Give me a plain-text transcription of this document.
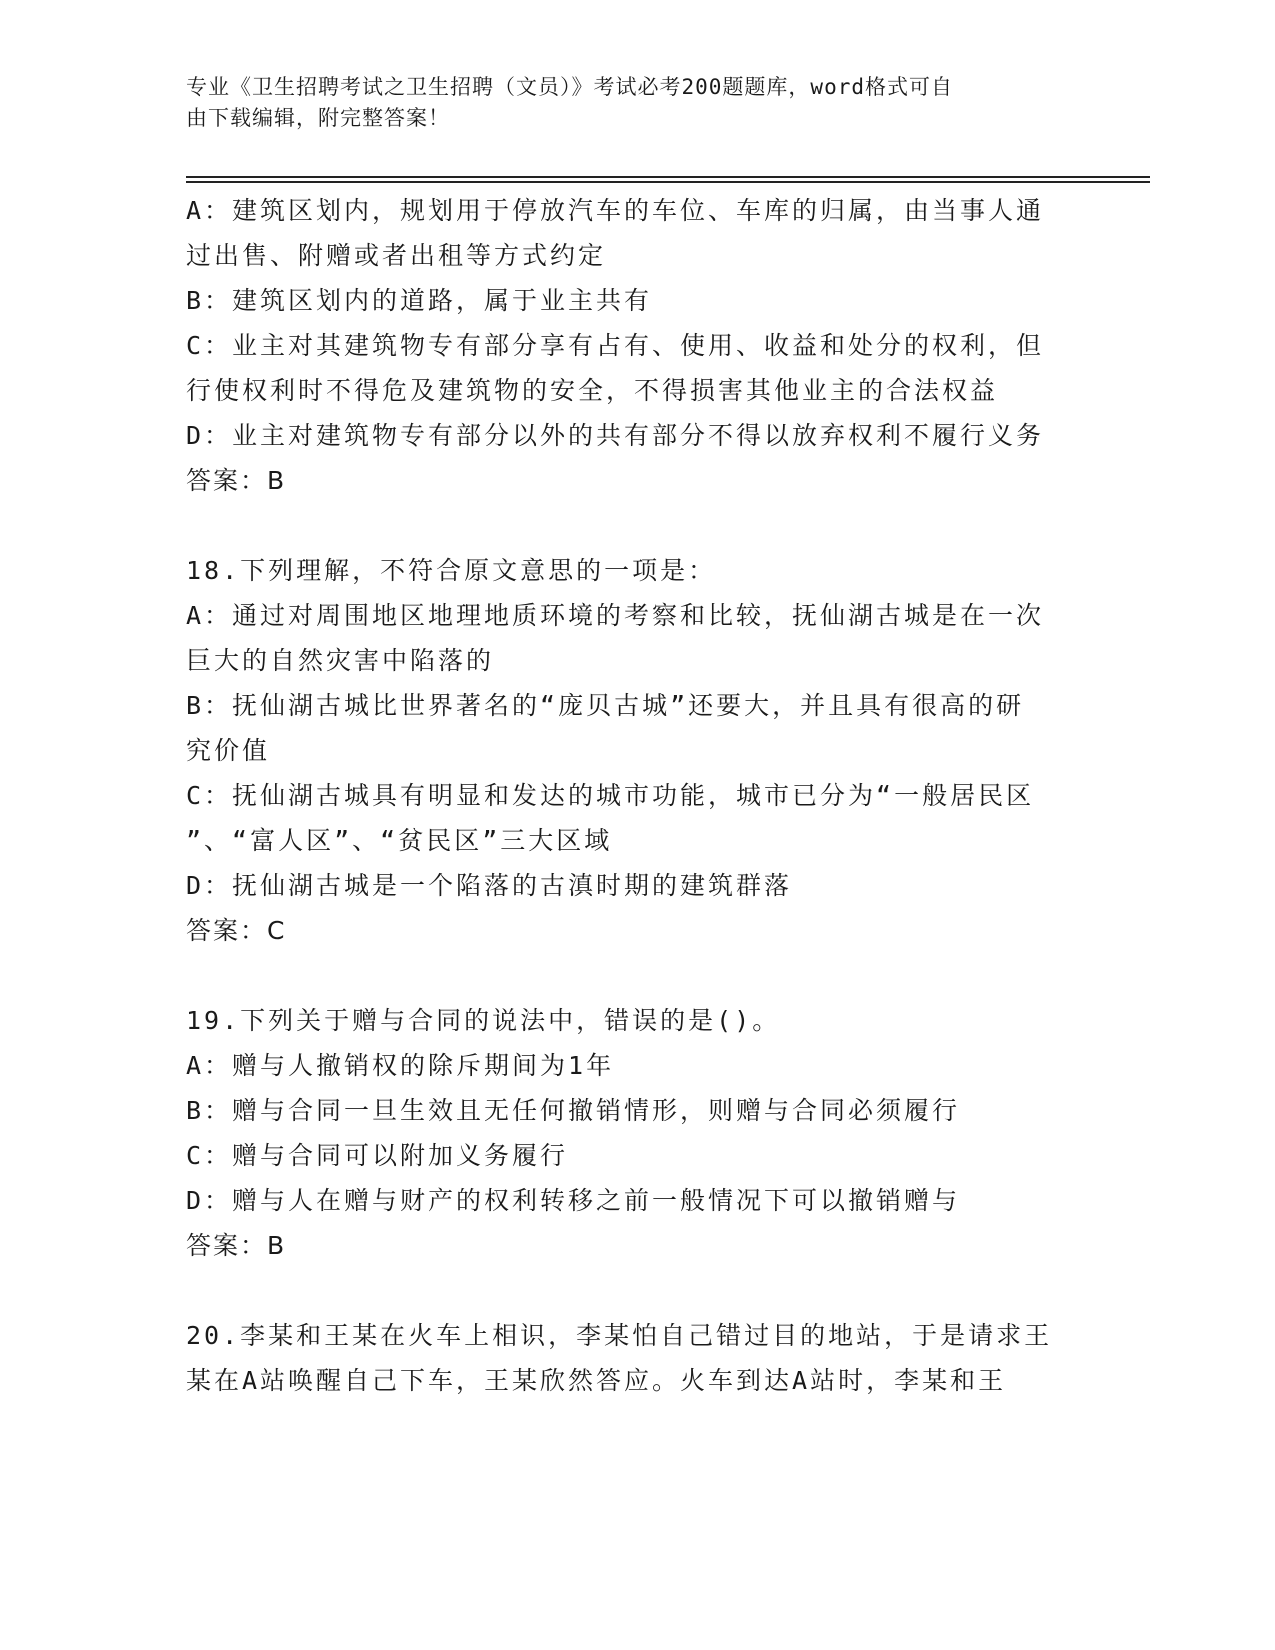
专业《卫生招聘考试之卫生招聘（文员）》考试必考200题题库，word格式可自
由下载编辑，附完整答案！
A：建筑区划内，规划用于停放汽车的车位、车库的归属，由当事人通
过出售、附赠或者出租等方式约定
B：建筑区划内的道路，属于业主共有
C：业主对其建筑物专有部分享有占有、使用、收益和处分的权利，但
行使权利时不得危及建筑物的安全，不得损害其他业主的合法权益
D：业主对建筑物专有部分以外的共有部分不得以放弃权利不履行义务
答案：B
18.下列理解，不符合原文意思的一项是：
A：通过对周围地区地理地质环境的考察和比较，抚仙湖古城是在一次
巨大的自然灾害中陷落的
B：抚仙湖古城比世界著名的“庞贝古城”还要大，并且具有很高的研
究价值
C：抚仙湖古城具有明显和发达的城市功能，城市已分为“一般居民区
”、“富人区”、“贫民区”三大区域
D：抚仙湖古城是一个陷落的古滇时期的建筑群落
答案：C
19.下列关于赠与合同的说法中，错误的是()。
A：赠与人撤销权的除斥期间为1年
B：赠与合同一旦生效且无任何撤销情形，则赠与合同必须履行
C：赠与合同可以附加义务履行
D：赠与人在赠与财产的权利转移之前一般情况下可以撤销赠与
答案：B
20.李某和王某在火车上相识，李某怕自己错过目的地站，于是请求王
某在A站唤醒自己下车，王某欣然答应。火车到达A站时，李某和王
